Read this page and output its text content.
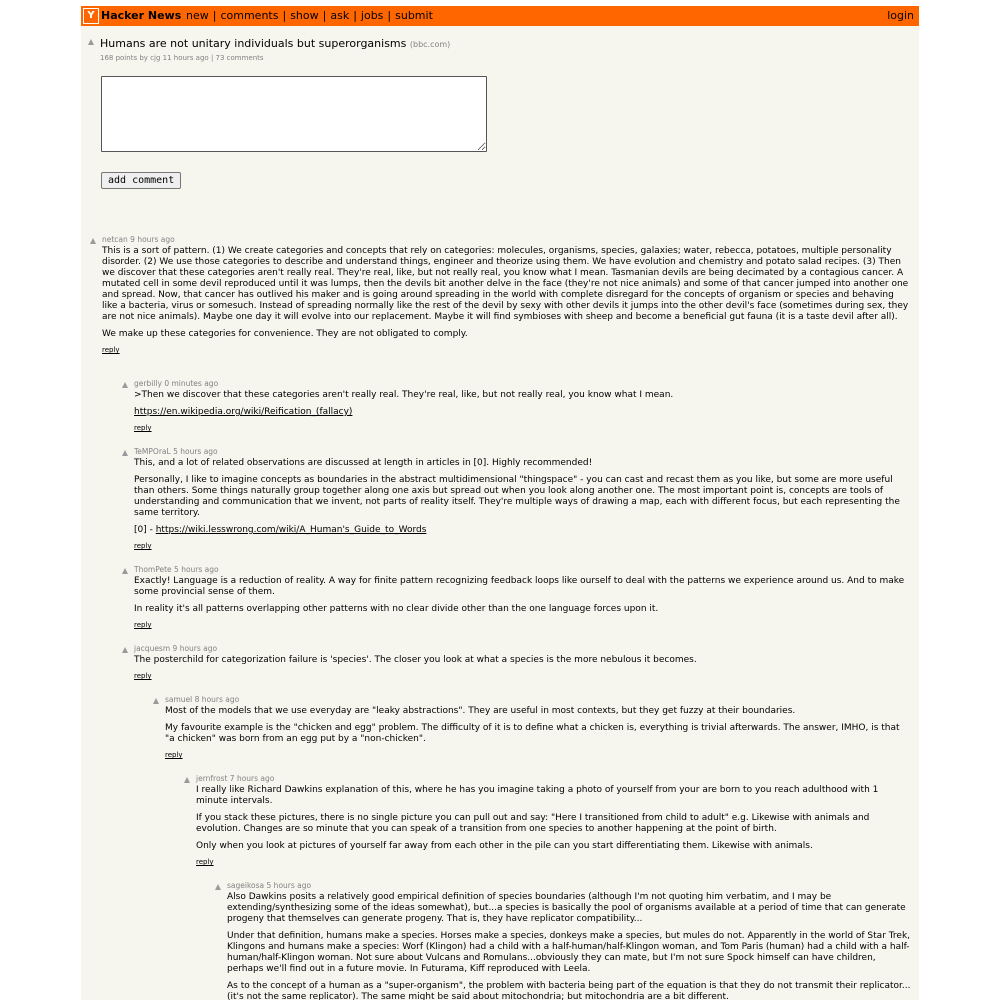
Y Hacker News new | comments | show | ask | jobs | submit	login
Humans are not unitary individuals but superorganisms (bbc.com)
168 points by cjg 11 hours ago | 73 comments
add comment
netcan 9 hours ago

This is a sort of pattern. (1) We create categories and concepts that rely on categories: molecules, organisms, species, galaxies; water, rebecca, potatoes, multiple personality disorder. (2) We use those categories to describe and understand things, engineer and theorize using them. We have evolution and chemistry and potato salad recipes. (3) Then we discover that these categories aren't really real. They're real, like, but not really real, you know what I mean. Tasmanian devils are being decimated by a contagious cancer. A mutated cell in some devil reproduced until it was lumps, then the devils bit another delve in the face (they're not nice animals) and some of that cancer jumped into another one and spread. Now, that cancer has outlived his maker and is going around spreading in the world with complete disregard for the concepts of organism or species and behaving like a bacteria, virus or somesuch. Instead of spreading normally like the rest of the devil by sexy with other devils it jumps into the other devil's face (sometimes during sex, they are not nice animals). Maybe one day it will evolve into our replacement. Maybe it will find symbioses with sheep and become a beneficial gut fauna (it is a taste devil after all).

We make up these categories for convenience. They are not obligated to comply.

reply
gerbilly 0 minutes ago

>Then we discover that these categories aren't really real. They're real, like, but not really real, you know what I mean.

https://en.wikipedia.org/wiki/Reification_(fallacy)

reply
TeMPOraL 5 hours ago

This, and a lot of related observations are discussed at length in articles in [0]. Highly recommended!

Personally, I like to imagine concepts as boundaries in the abstract multidimensional "thingspace" - you can cast and recast them as you like, but some are more useful than others. Some things naturally group together along one axis but spread out when you look along another one. The most important point is, concepts are tools of understanding and communication that we invent, not parts of reality itself. They're multiple ways of drawing a map, each with different focus, but each representing the same territory.

[0] - https://wiki.lesswrong.com/wiki/A_Human's_Guide_to_Words

reply
ThomPete 5 hours ago

Exactly! Language is a reduction of reality. A way for finite pattern recognizing feedback loops like ourself to deal with the patterns we experience around us. And to make some provincial sense of them.

In reality it's all patterns overlapping other patterns with no clear divide other than the one language forces upon it.

reply
jacquesm 9 hours ago

The posterchild for categorization failure is 'species'. The closer you look at what a species is the more nebulous it becomes.

reply
samuel 8 hours ago

Most of the models that we use everyday are "leaky abstractions". They are useful in most contexts, but they get fuzzy at their boundaries.

My favourite example is the "chicken and egg" problem. The difficulty of it is to define what a chicken is, everything is trivial afterwards. The answer, IMHO, is that "a chicken" was born from an egg put by a "non-chicken".

reply
jernfrost 7 hours ago

I really like Richard Dawkins explanation of this, where he has you imagine taking a photo of yourself from your are born to you reach adulthood with 1 minute intervals.

If you stack these pictures, there is no single picture you can pull out and say: "Here I transitioned from child to adult" e.g. Likewise with animals and evolution. Changes are so minute that you can speak of a transition from one species to another happening at the point of birth.

Only when you look at pictures of yourself far away from each other in the pile can you start differentiating them. Likewise with animals.

reply
sageikosa 5 hours ago

Also Dawkins posits a relatively good empirical definition of species boundaries (although I'm not quoting him verbatim, and I may be extending/synthesizing some of the ideas somewhat), but...a species is basically the pool of organisms available at a period of time that can generate progeny that themselves can generate progeny. That is, they have replicator compatibility...

Under that definition, humans make a species. Horses make a species, donkeys make a species, but mules do not. Apparently in the world of Star Trek, Klingons and humans make a species: Worf (Klingon) had a child with a half-human/half-Klingon woman, and Tom Paris (human) had a child with a half-human/half-Klingon woman. Not sure about Vulcans and Romulans...obviously they can mate, but I'm not sure Spock himself can have children, perhaps we'll find out in a future movie. In Futurama, Kiff reproduced with Leela.

As to the concept of a human as a "super-organism", the problem with bacteria being part of the equation is that they do not transmit their replicator... (it's not the same replicator). The same might be said about mitochondria; but mitochondria are a bit different.
